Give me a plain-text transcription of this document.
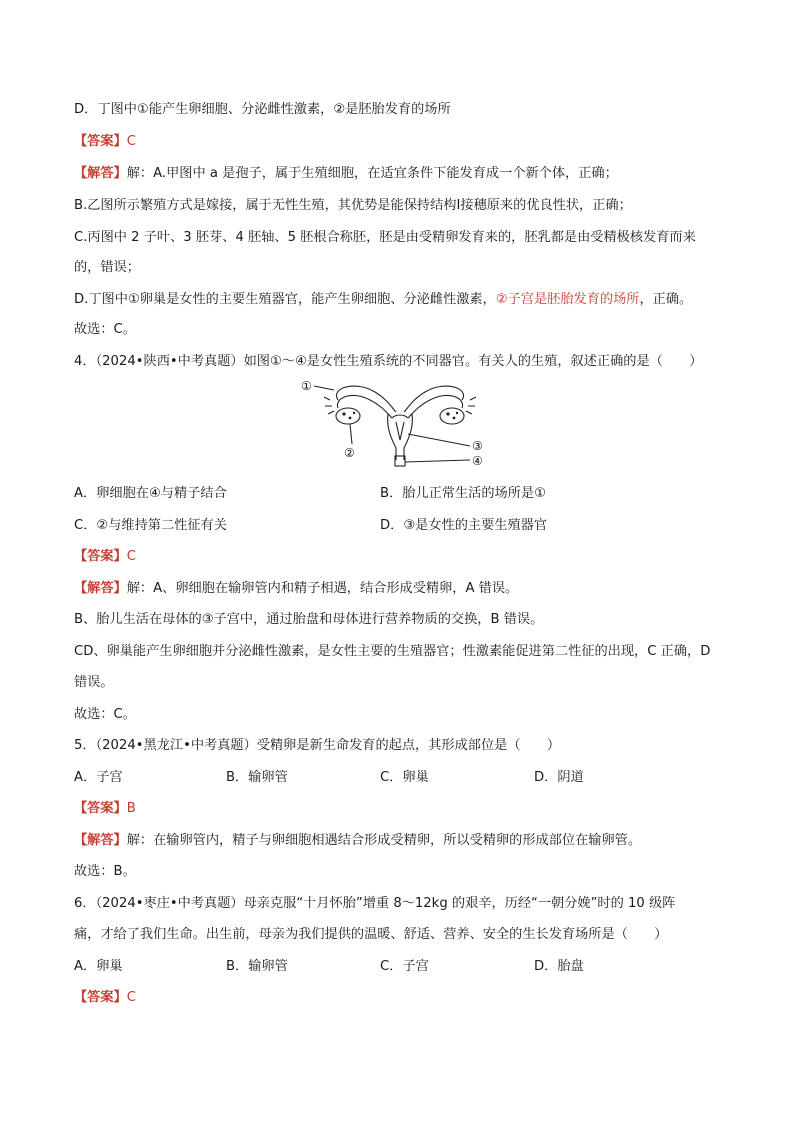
D．丁图中①能产生卵细胞、分泌雌性激素，②是胚胎发育的场所
【答案】C
【解答】解：A.甲图中 a 是孢子，属于生殖细胞，在适宜条件下能发育成一个新个体，正确；
B.乙图所示繁殖方式是嫁接，属于无性生殖，其优势是能保持结构Ⅰ接穗原来的优良性状，正确；
C.丙图中 2 子叶、3 胚芽、4 胚轴、5 胚根合称胚，胚是由受精卵发育来的，胚乳都是由受精极核发育而来
的，错误；
D.丁图中①卵巢是女性的主要生殖器官，能产生卵细胞、分泌雌性激素，②子宫是胚胎发育的场所，正确。
故选：C。
4．（2024•陕西•中考真题）如图①～④是女性生殖系统的不同器官。有关人的生殖，叙述正确的是（　　）
①
②	③
④
A．卵细胞在④与精子结合	B．胎儿正常生活的场所是①
C．②与维持第二性征有关	D．③是女性的主要生殖器官
【答案】C
【解答】解：A、卵细胞在输卵管内和精子相遇，结合形成受精卵，A 错误。
B、胎儿生活在母体的③子宫中，通过胎盘和母体进行营养物质的交换，B 错误。
CD、卵巢能产生卵细胞并分泌雌性激素，是女性主要的生殖器官；性激素能促进第二性征的出现，C 正确，D
错误。
故选：C。
5．（2024•黑龙江•中考真题）受精卵是新生命发育的起点，其形成部位是（　　）
A．子宫	B．输卵管	C．卵巢	D．阴道
【答案】B
【解答】解：在输卵管内，精子与卵细胞相遇结合形成受精卵，所以受精卵的形成部位在输卵管。
故选：B。
6．（2024•枣庄•中考真题）母亲克服“十月怀胎”增重 8～12kg 的艰辛，历经“一朝分娩”时的 10 级阵
痛，才给了我们生命。出生前，母亲为我们提供的温暖、舒适、营养、安全的生长发育场所是（　　）
A．卵巢	B．输卵管	C．子宫	D．胎盘
【答案】C
